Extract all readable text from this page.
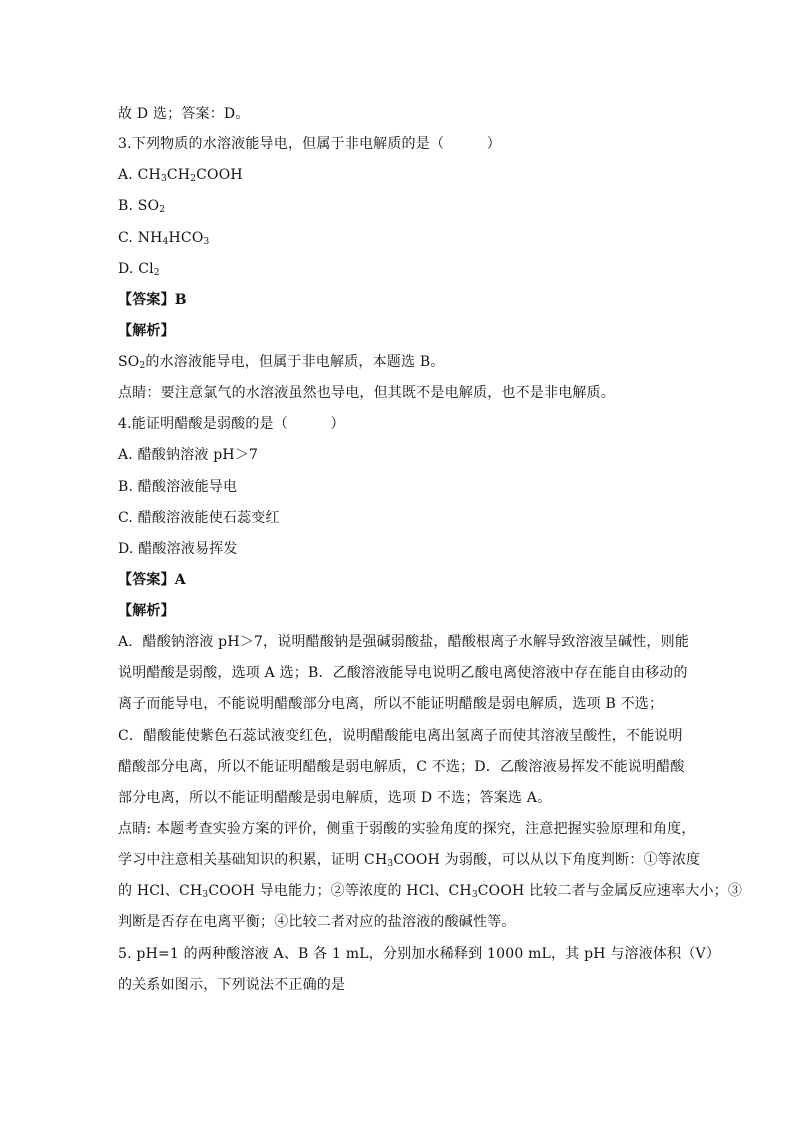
故 D 选；答案：D。
3.下列物质的水溶液能导电，但属于非电解质的是（　　　）
A. $CH_3CH_2COOH$
B. $SO_2$
C. $NH_4HCO_3$
D. $Cl_2$
【答案】B
【解析】
$SO_2$的水溶液能导电，但属于非电解质，本题选 B。
点睛：要注意氯气的水溶液虽然也导电，但其既不是电解质，也不是非电解质。
4.能证明醋酸是弱酸的是（　　　）
A. 醋酸钠溶液 pH＞7
B. 醋酸溶液能导电
C. 醋酸溶液能使石蕊变红
D. 醋酸溶液易挥发
【答案】A
【解析】
A．醋酸钠溶液 pH＞7，说明醋酸钠是强碱弱酸盐，醋酸根离子水解导致溶液呈碱性，则能
说明醋酸是弱酸，选项 A 选；B．乙酸溶液能导电说明乙酸电离使溶液中存在能自由移动的
离子而能导电，不能说明醋酸部分电离，所以不能证明醋酸是弱电解质，选项 B 不选；
C．醋酸能使紫色石蕊试液变红色，说明醋酸能电离出氢离子而使其溶液呈酸性，不能说明
醋酸部分电离，所以不能证明醋酸是弱电解质，C 不选；D．乙酸溶液易挥发不能说明醋酸
部分电离，所以不能证明醋酸是弱电解质，选项 D 不选；答案选 A。
点睛: 本题考查实验方案的评价，侧重于弱酸的实验角度的探究，注意把握实验原理和角度，
学习中注意相关基础知识的积累，证明 $CH_3COOH$ 为弱酸，可以从以下角度判断：①等浓度
的 HCl、$CH_3COOH$ 导电能力；②等浓度的 HCl、$CH_3COOH$ 比较二者与金属反应速率大小；③
判断是否存在电离平衡；④比较二者对应的盐溶液的酸碱性等。
5. pH=1 的两种酸溶液 A、B 各 1 mL，分别加水稀释到 1000 mL，其 pH 与溶液体积（V）
的关系如图示，下列说法不正确的是
